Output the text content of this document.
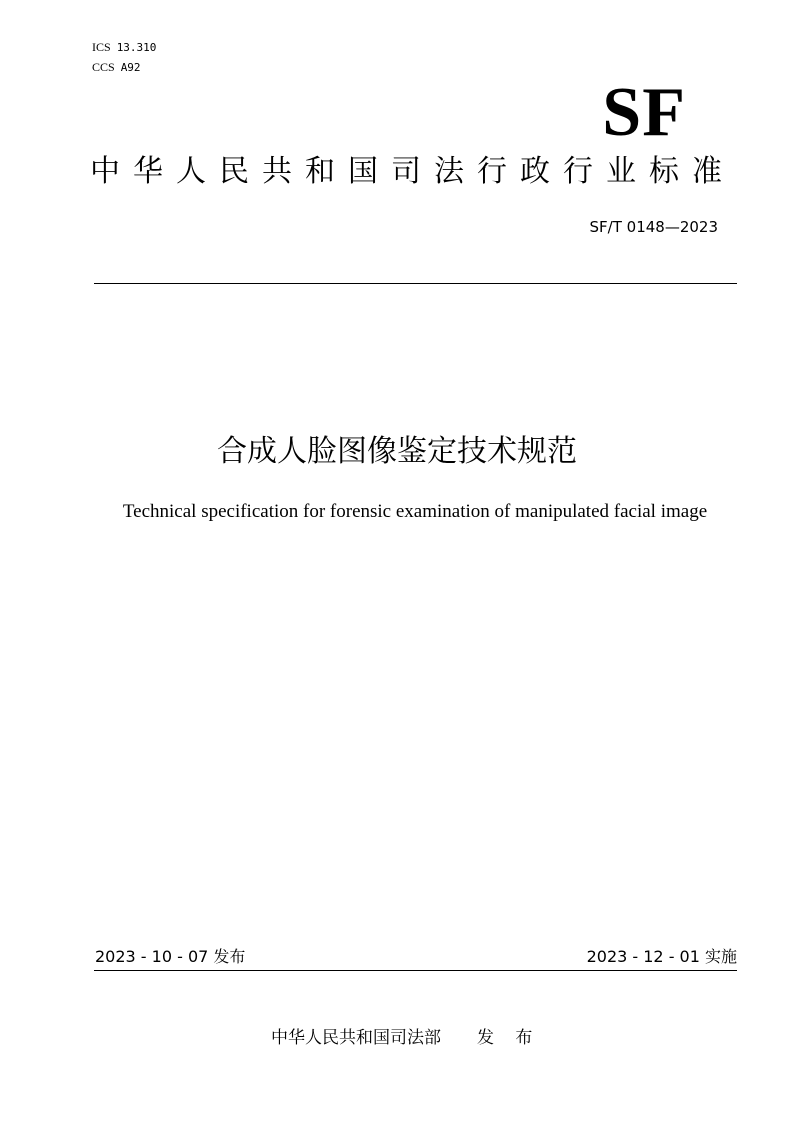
ICS 13.310
CCS A92
SF
中华人民共和国司法行政行业标准
SF/T 0148—2023
合成人脸图像鉴定技术规范
Technical specification for forensic examination of manipulated facial image
2023 - 10 - 07 发布	2023 - 12 - 01 实施
中华人民共和国司法部 发 布
